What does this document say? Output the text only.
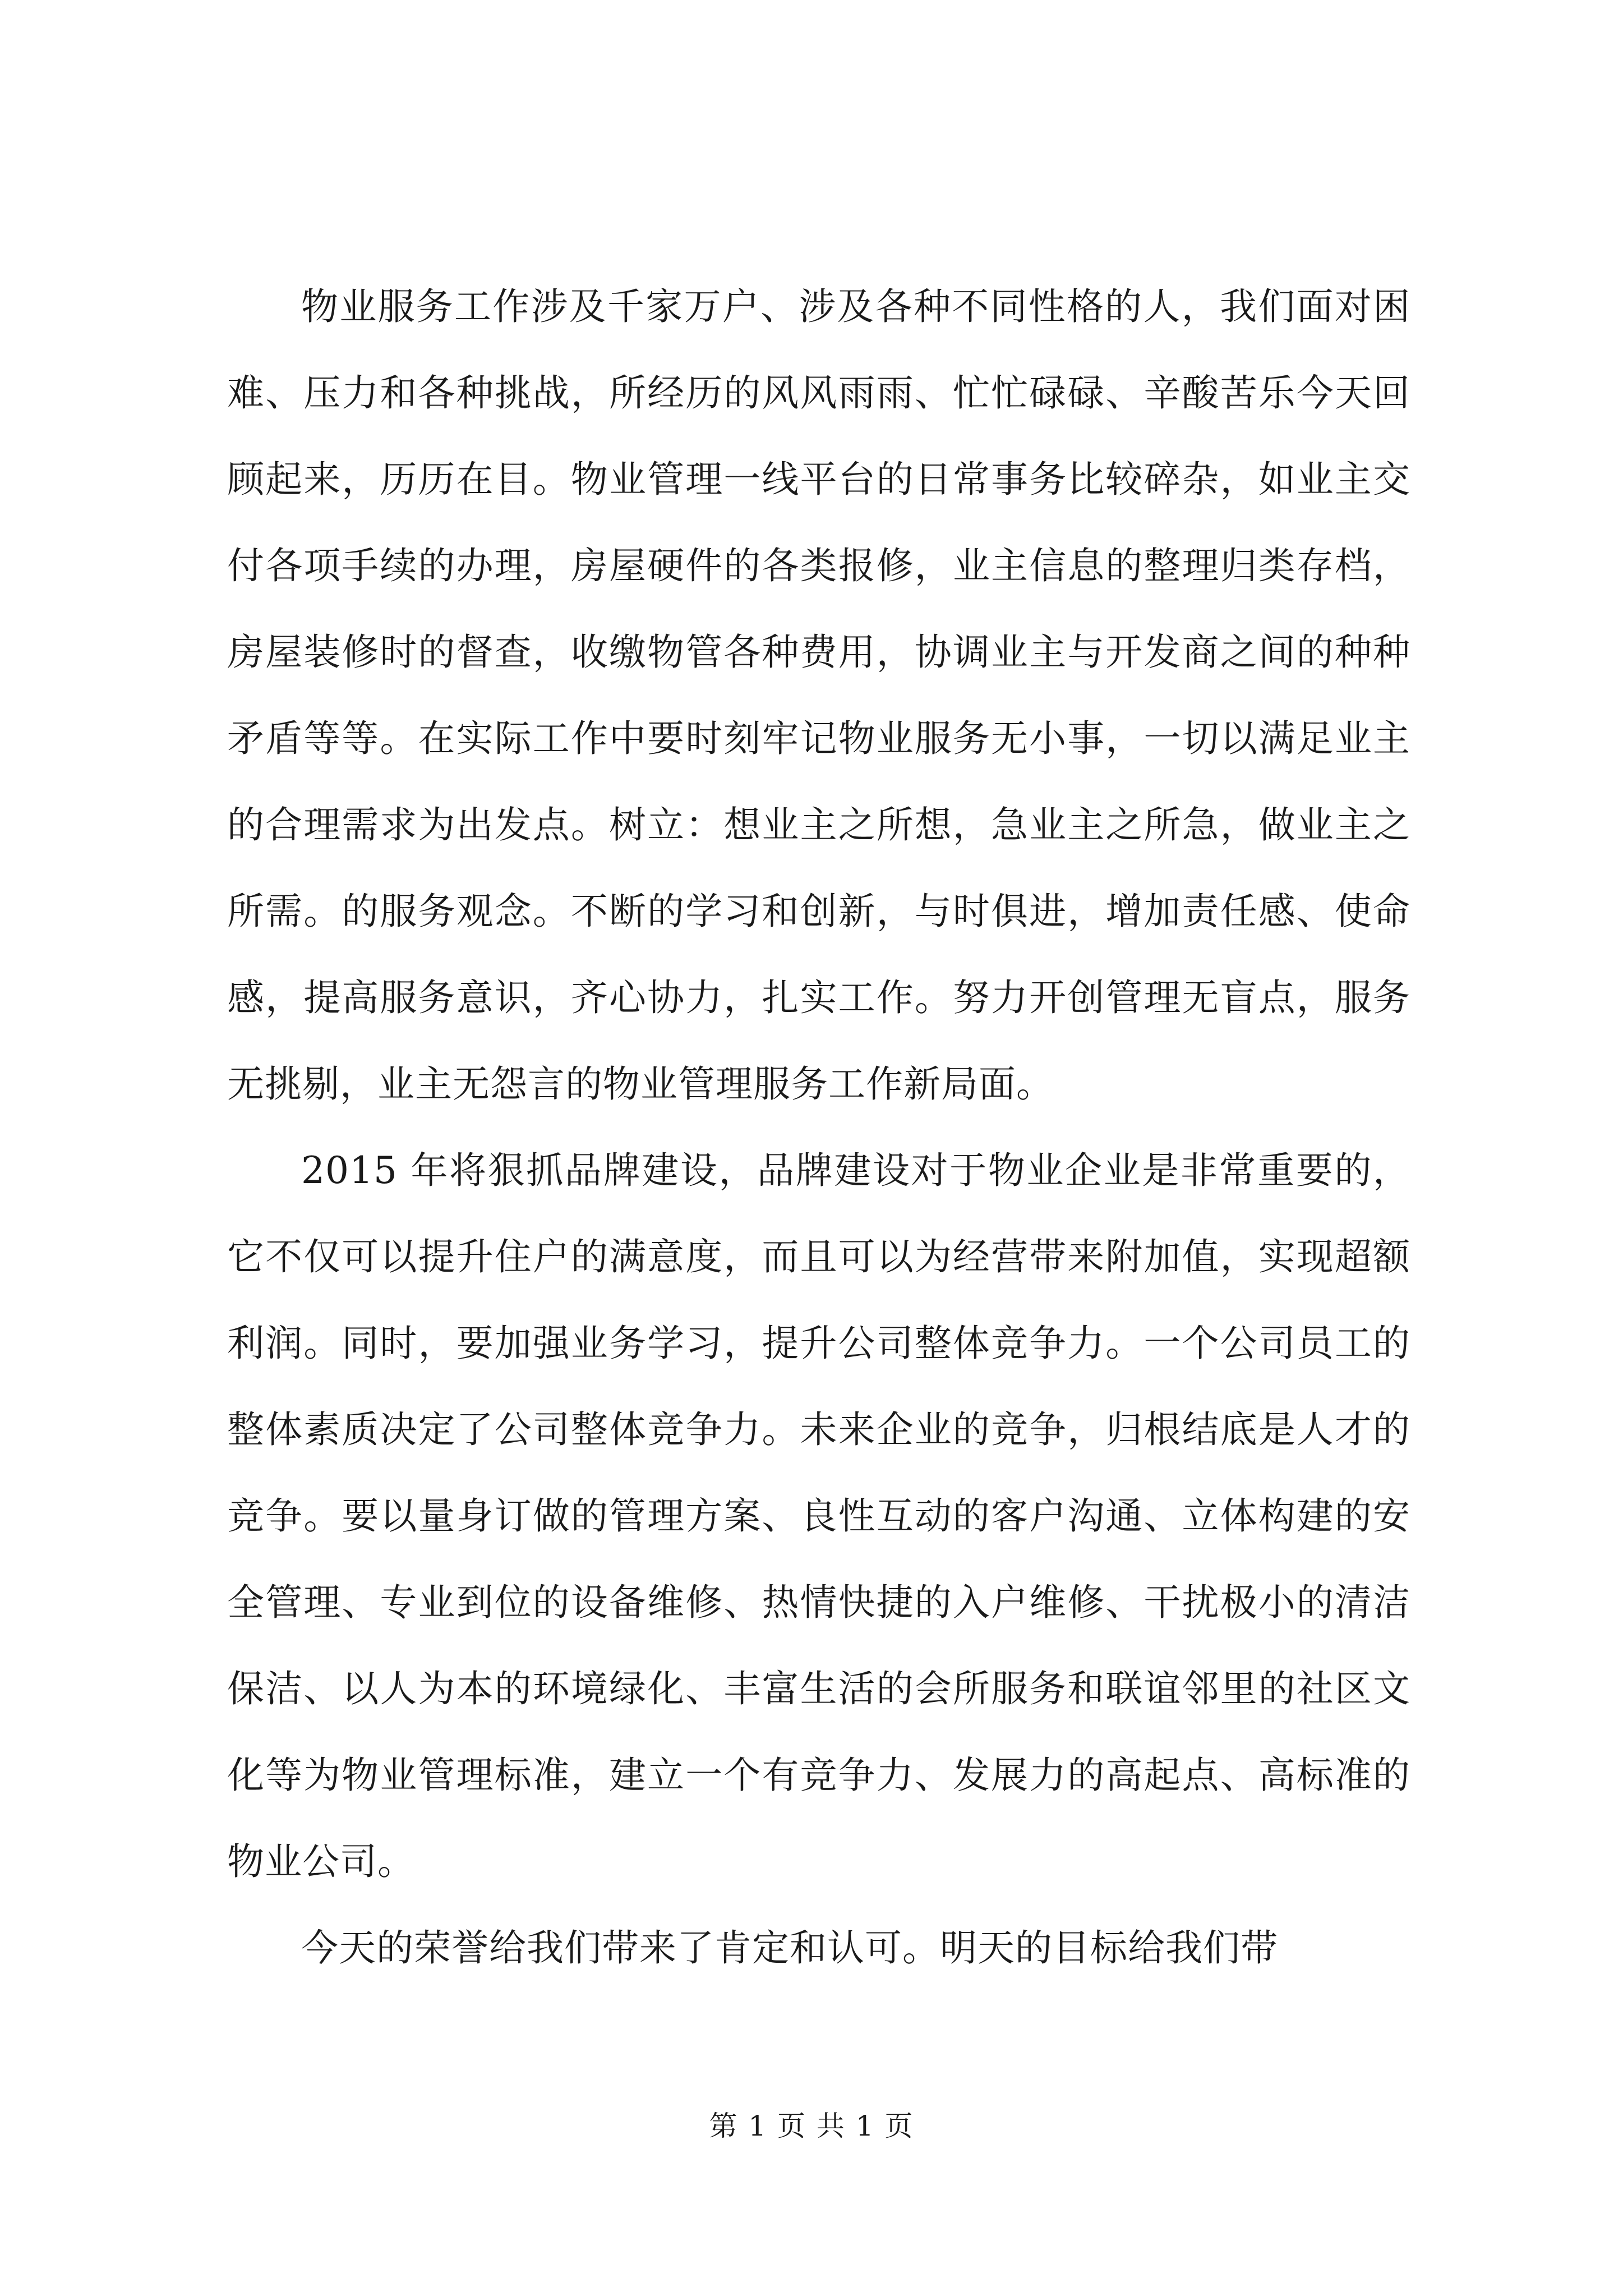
物业服务工作涉及千家万户、涉及各种不同性格的人，我们面对困难、压力和各种挑战，所经历的风风雨雨、忙忙碌碌、辛酸苦乐今天回顾起来，历历在目。物业管理一线平台的日常事务比较碎杂，如业主交付各项手续的办理，房屋硬件的各类报修，业主信息的整理归类存档，房屋装修时的督查，收缴物管各种费用，协调业主与开发商之间的种种矛盾等等。在实际工作中要时刻牢记物业服务无小事，一切以满足业主的合理需求为出发点。树立：想业主之所想，急业主之所急，做业主之所需。的服务观念。不断的学习和创新，与时俱进，增加责任感、使命感，提高服务意识，齐心协力，扎实工作。努力开创管理无盲点，服务无挑剔，业主无怨言的物业管理服务工作新局面。

2015 年将狠抓品牌建设，品牌建设对于物业企业是非常重要的，它不仅可以提升住户的满意度，而且可以为经营带来附加值，实现超额利润。同时，要加强业务学习，提升公司整体竞争力。一个公司员工的整体素质决定了公司整体竞争力。未来企业的竞争，归根结底是人才的竞争。要以量身订做的管理方案、良性互动的客户沟通、立体构建的安全管理、专业到位的设备维修、热情快捷的入户维修、干扰极小的清洁保洁、以人为本的环境绿化、丰富生活的会所服务和联谊邻里的社区文化等为物业管理标准，建立一个有竞争力、发展力的高起点、高标准的物业公司。

今天的荣誉给我们带来了肯定和认可。明天的目标给我们带

第 1 页 共 1 页
